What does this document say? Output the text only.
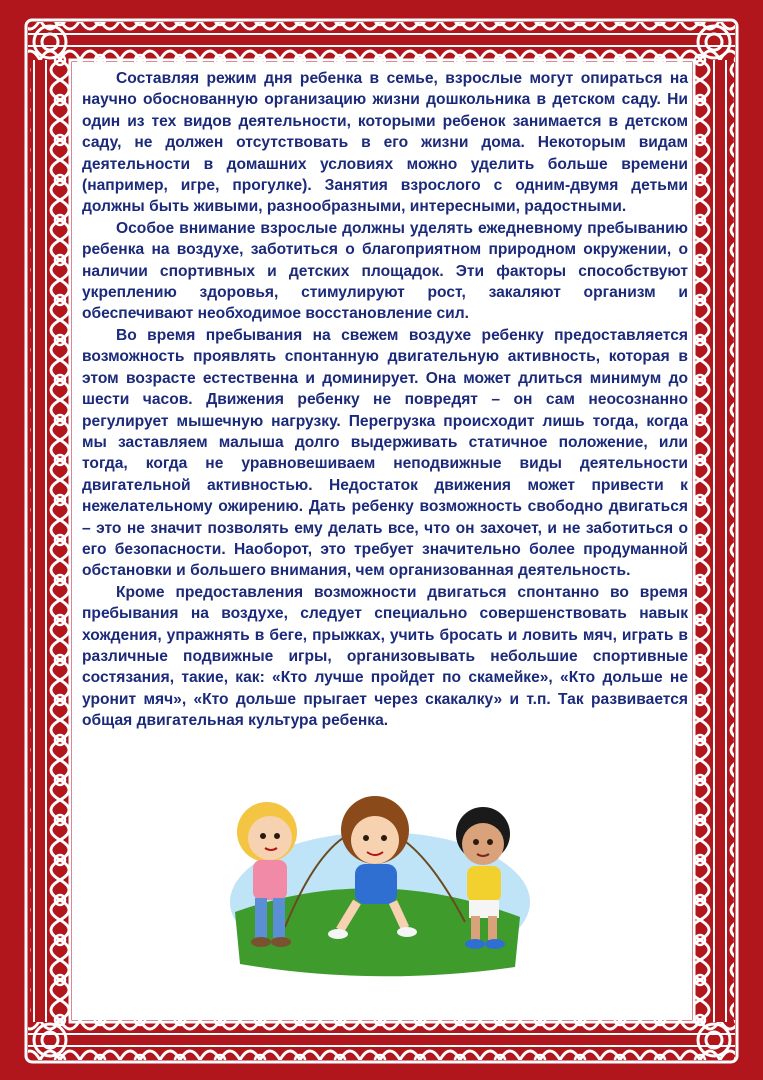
Составляя режим дня ребенка в семье, взрослые могут опираться на научно обоснованную организацию жизни дошкольника в детском саду. Ни один из тех видов деятельности, которыми ребенок занимается в детском саду, не должен отсутствовать в его жизни дома. Некоторым видам деятельности в домашних условиях можно уделить больше времени (например, игре, прогулке). Занятия взрослого с одним-двумя детьми должны быть живыми, разнообразными, интересными, радостными.

Особое внимание взрослые должны уделять ежедневному пребыванию ребенка на воздухе, заботиться о благоприятном природном окружении, о наличии спортивных и детских площадок. Эти факторы способствуют укреплению здоровья, стимулируют рост, закаляют организм и обеспечивают необходимое восстановление сил.

Во время пребывания на свежем воздухе ребенку предоставляется возможность проявлять спонтанную двигательную активность, которая в этом возрасте естественна и доминирует. Она может длиться минимум до шести часов. Движения ребенку не повредят – он сам неосознанно регулирует мышечную нагрузку. Перегрузка происходит лишь тогда, когда мы заставляем малыша долго выдерживать статичное положение, или тогда, когда не уравновешиваем неподвижные виды деятельности двигательной активностью. Недостаток движения может привести к нежелательному ожирению. Дать ребенку возможность свободно двигаться – это не значит позволять ему делать все, что он захочет, и не заботиться о его безопасности. Наоборот, это требует значительно более продуманной обстановки и большего внимания, чем организованная деятельность.

Кроме предоставления возможности двигаться спонтанно во время пребывания на воздухе, следует специально совершенствовать навык хождения, упражнять в беге, прыжках, учить бросать и ловить мяч, играть в различные подвижные игры, организовывать небольшие спортивные состязания, такие, как: «Кто лучше пройдет по скамейке», «Кто дольше не уронит мяч», «Кто дольше прыгает через скакалку» и т.п. Так развивается общая двигательная культура ребенка.
